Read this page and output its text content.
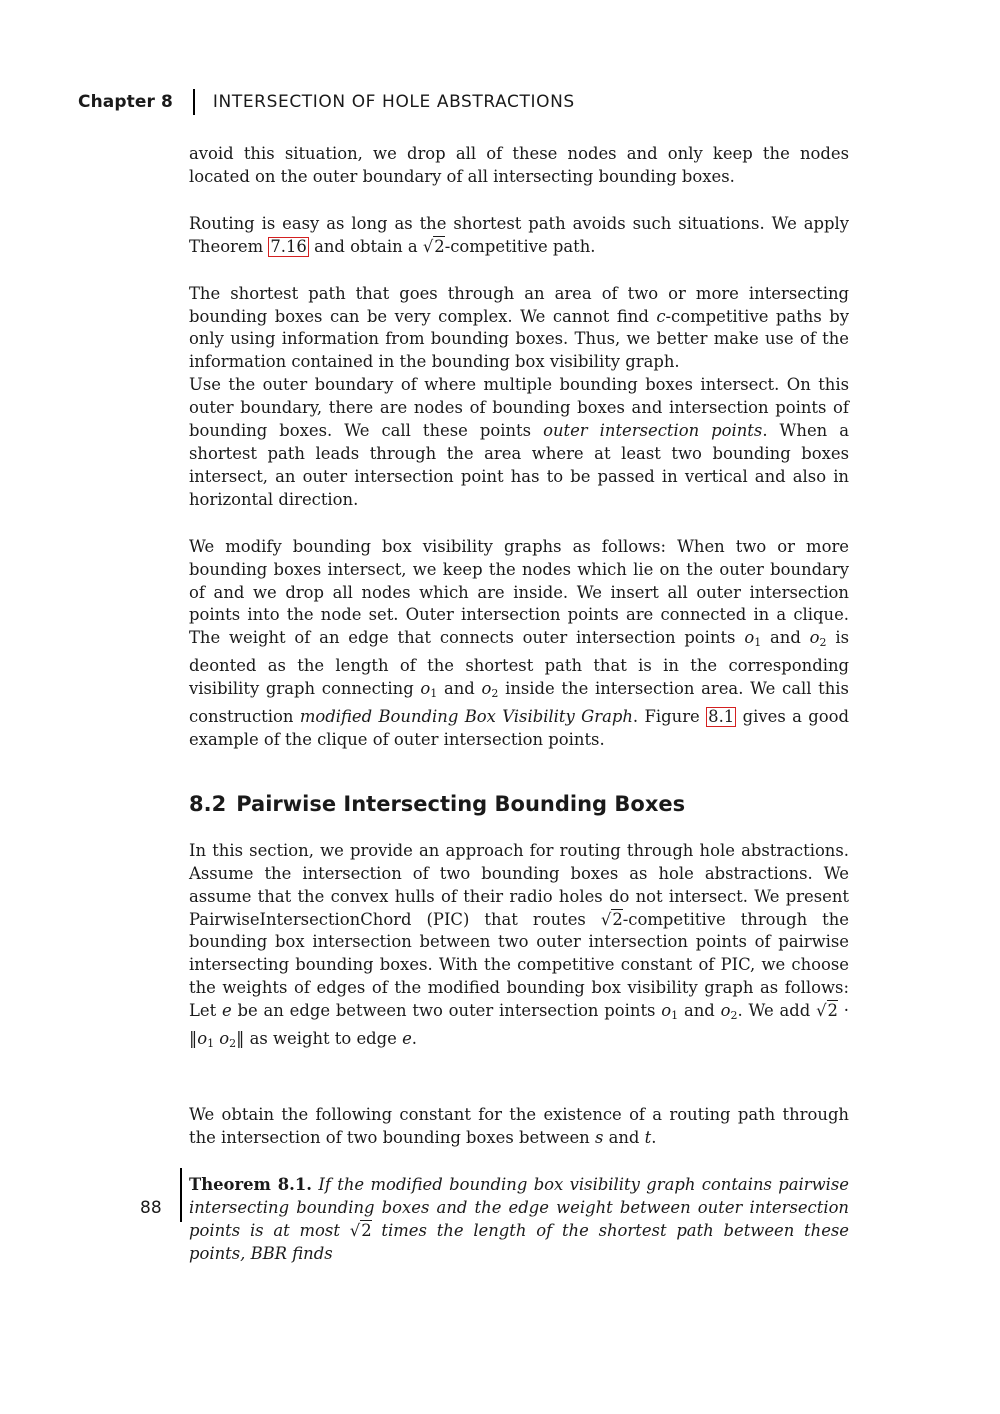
Chapter 8 INTERSECTION OF HOLE ABSTRACTIONS

avoid this situation, we drop all of these nodes and only keep the nodes located on the outer boundary of all intersecting bounding boxes.

Routing is easy as long as the shortest path avoids such situations. We apply Theorem 7.16 and obtain a √2-competitive path.

The shortest path that goes through an area of two or more intersecting bounding boxes can be very complex. We cannot find c-competitive paths by only using information from bounding boxes. Thus, we better make use of the information contained in the bounding box visibility graph.

Use the outer boundary of where multiple bounding boxes intersect. On this outer boundary, there are nodes of bounding boxes and intersection points of bounding boxes. We call these points outer intersection points. When a shortest path leads through the area where at least two bounding boxes intersect, an outer intersection point has to be passed in vertical and also in horizontal direction.

We modify bounding box visibility graphs as follows: When two or more bounding boxes intersect, we keep the nodes which lie on the outer boundary of and we drop all nodes which are inside. We insert all outer intersection points into the node set. Outer intersection points are connected in a clique. The weight of an edge that connects outer intersection points $o_1$ and $o_2$ is deonted as the length of the shortest path that is in the corresponding visibility graph connecting $o_1$ and $o_2$ inside the intersection area. We call this construction modified Bounding Box Visibility Graph. Figure 8.1 gives a good example of the clique of outer intersection points.

8.2 Pairwise Intersecting Bounding Boxes

In this section, we provide an approach for routing through hole abstractions. Assume the intersection of two bounding boxes as hole abstractions. We assume that the convex hulls of their radio holes do not intersect. We present PairwiseIntersectionChord (PIC) that routes √2-competitive through the bounding box intersection between two outer intersection points of pairwise intersecting bounding boxes. With the competitive constant of PIC, we choose the weights of edges of the modified bounding box visibility graph as follows: Let e be an edge between two outer intersection points $o_1$ and $o_2$. We add $√2 \cdot ‖o_1$ $o_2‖$ as weight to edge e.

We obtain the following constant for the existence of a routing path through the intersection of two bounding boxes between s and t.

Theorem 8.1. If the modified bounding box visibility graph contains pairwise intersecting bounding boxes and the edge weight between outer intersection points is at most √2 times the length of the shortest path between these points, BBR finds

88
